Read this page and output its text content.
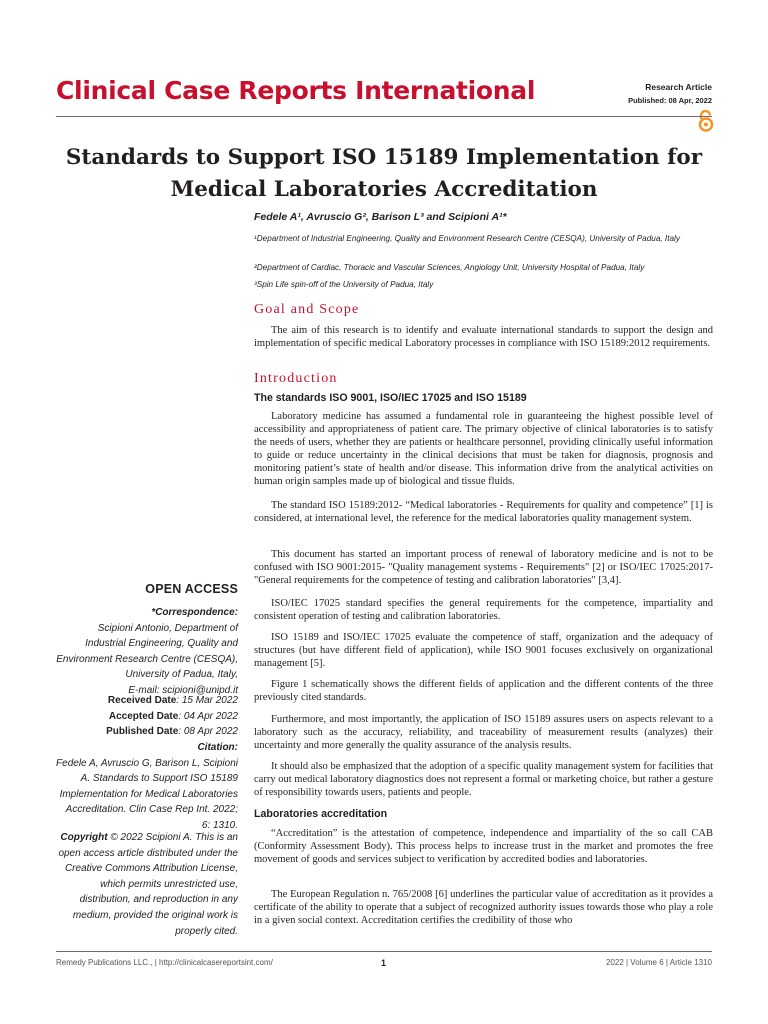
Clinical Case Reports International	Research Article
Published: 08 Apr, 2022
Standards to Support ISO 15189 Implementation for Medical Laboratories Accreditation
Fedele A¹, Avruscio G², Barison L³ and Scipioni A¹*

¹Department of Industrial Engineering, Quality and Environment Research Centre (CESQA), University of Padua, Italy

²Department of Cardiac, Thoracic and Vascular Sciences, Angiology Unit, University Hospital of Padua, Italy

³Spin Life spin-off of the University of Padua, Italy

Goal and Scope

The aim of this research is to identify and evaluate international standards to support the design and implementation of specific medical Laboratory processes in compliance with ISO 15189:2012 requirements.

Introduction
The standards ISO 9001, ISO/IEC 17025 and ISO 15189

Laboratory medicine has assumed a fundamental role in guaranteeing the highest possible level of accessibility and appropriateness of patient care. The primary objective of clinical laboratories is to satisfy the needs of users, whether they are patients or healthcare personnel, providing clinically useful information to guide or reduce uncertainty in the clinical decisions that must be taken for diagnosis, prognosis and monitoring patient’s state of health and/or disease. This information drive from the analytical activities on human origin samples made up of biological and tissue fluids.

The standard ISO 15189:2012- “Medical laboratories - Requirements for quality and competence” [1] is considered, at international level, the reference for the medical laboratories quality management system.

This document has started an important process of renewal of laboratory medicine and is not to be confused with ISO 9001:2015- "Quality management systems - Requirements" [2] or ISO/IEC 17025:2017- "General requirements for the competence of testing and calibration laboratories" [3,4].

ISO/IEC 17025 standard specifies the general requirements for the competence, impartiality and consistent operation of testing and calibration laboratories.

ISO 15189 and ISO/IEC 17025 evaluate the competence of staff, organization and the adequacy of structures (but have different field of application), while ISO 9001 focuses exclusively on organizational management [5].

Figure 1 schematically shows the different fields of application and the different contents of the three previously cited standards.

Furthermore, and most importantly, the application of ISO 15189 assures users on aspects relevant to a laboratory such as the accuracy, reliability, and traceability of measurement results (analyzes) their uncertainty and more generally the quality assurance of the analysis results.

It should also be emphasized that the adoption of a specific quality management system for facilities that carry out medical laboratory diagnostics does not represent a formal or marketing choice, but rather a gesture of responsibility towards users, patients and people.

Laboratories accreditation

“Accreditation” is the attestation of competence, independence and impartiality of the so call CAB (Conformity Assessment Body). This process helps to increase trust in the market and promotes the free movement of goods and services subject to verification by accredited bodies and laboratories.

The European Regulation n. 765/2008 [6] underlines the particular value of accreditation as it provides a certificate of the ability to operate that a subject of recognized authority issues towards those who play a role in a given social context. Accreditation certifies the credibility of those who

OPEN ACCESS
*Correspondence:
Scipioni Antonio, Department of Industrial Engineering, Quality and Environment Research Centre (CESQA), University of Padua, Italy,
E-mail: scipioni@unipd.it
Received Date: 15 Mar 2022
Accepted Date: 04 Apr 2022
Published Date: 08 Apr 2022
Citation:
Fedele A, Avruscio G, Barison L, Scipioni A. Standards to Support ISO 15189 Implementation for Medical Laboratories Accreditation. Clin Case Rep Int. 2022; 6: 1310.
Copyright © 2022 Scipioni A. This is an open access article distributed under the Creative Commons Attribution License, which permits unrestricted use, distribution, and reproduction in any medium, provided the original work is properly cited.
Remedy Publications LLC., | http://clinicalcasereportsint.com/	1	2022 | Volume 6 | Article 1310
